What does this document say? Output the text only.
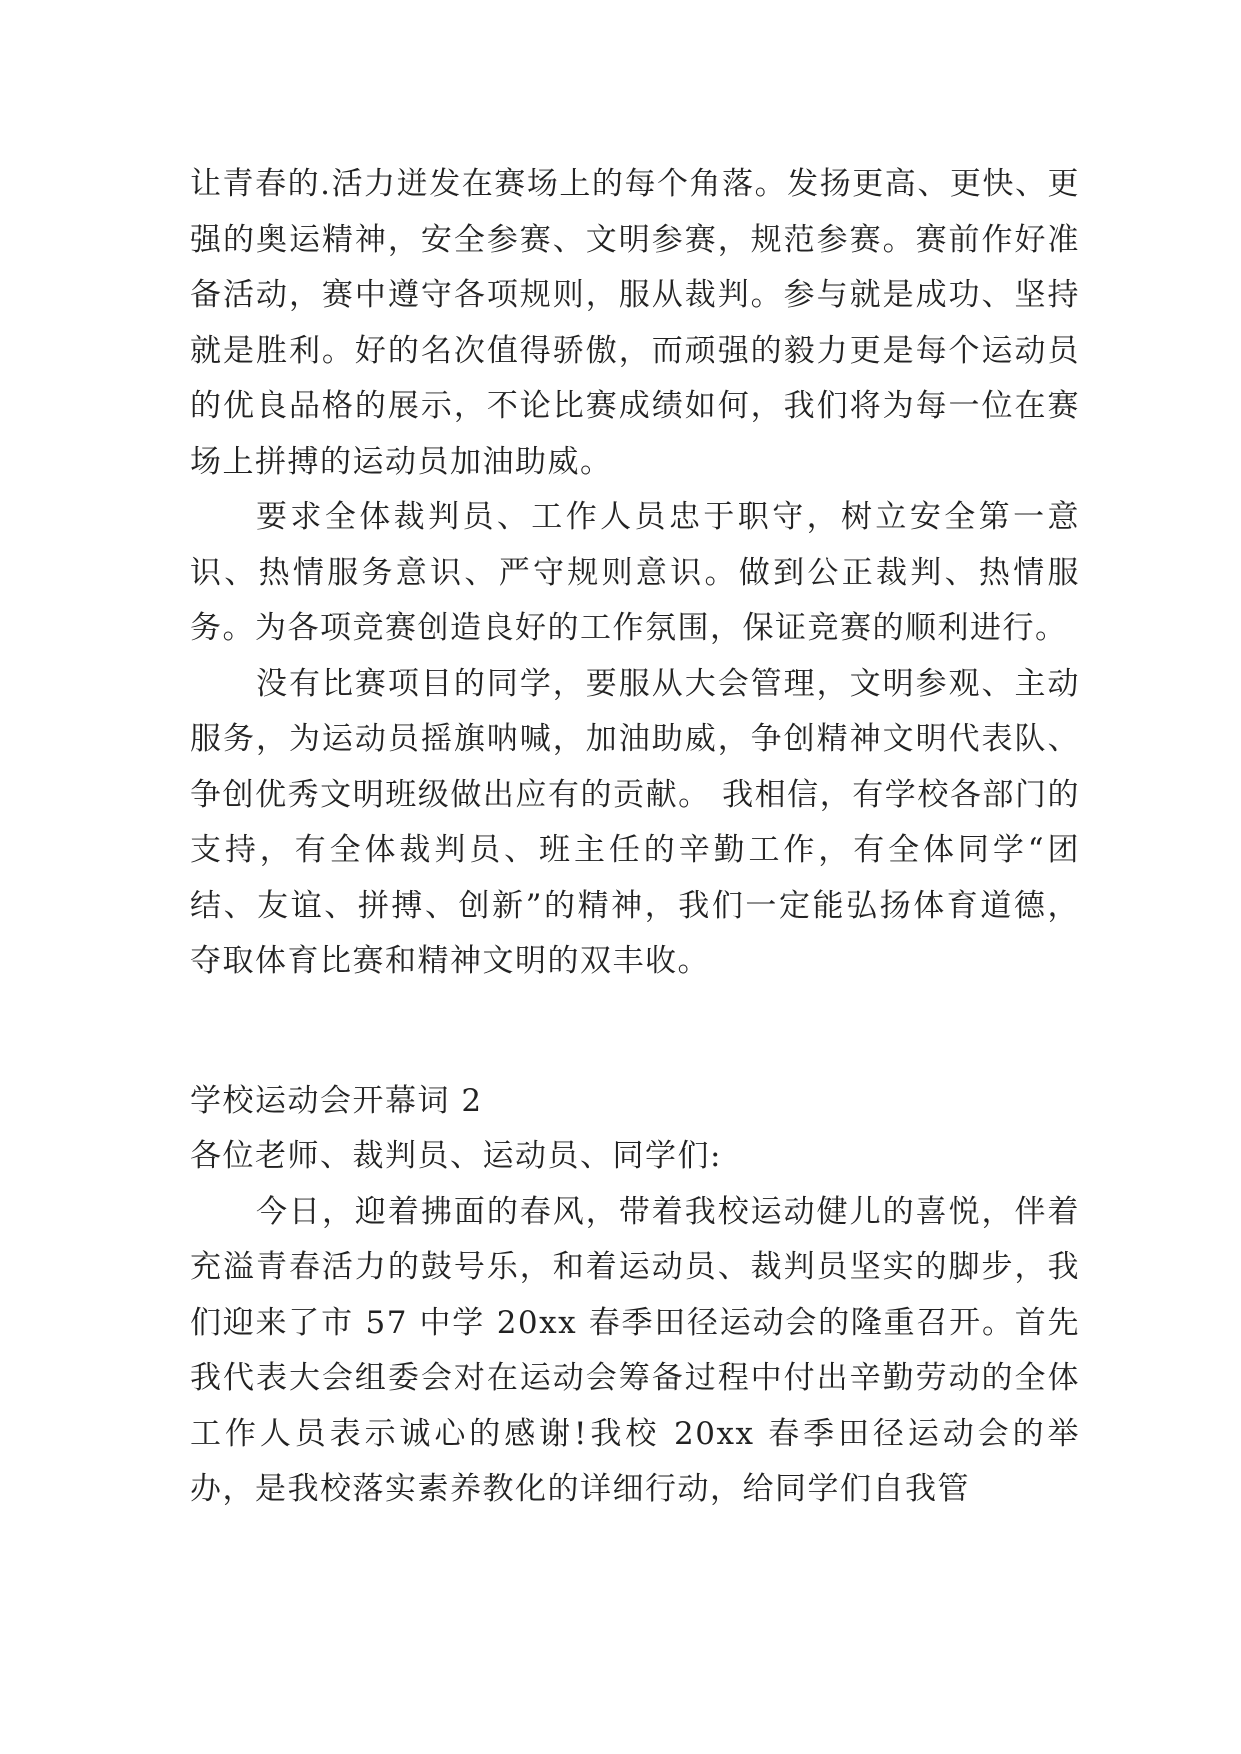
让青春的.活力迸发在赛场上的每个角落。发扬更高、更快、更强的奥运精神，安全参赛、文明参赛，规范参赛。赛前作好准备活动，赛中遵守各项规则，服从裁判。参与就是成功、坚持就是胜利。好的名次值得骄傲，而顽强的毅力更是每个运动员的优良品格的展示，不论比赛成绩如何，我们将为每一位在赛场上拼搏的运动员加油助威。

要求全体裁判员、工作人员忠于职守，树立安全第一意识、热情服务意识、严守规则意识。做到公正裁判、热情服务。为各项竞赛创造良好的工作氛围，保证竞赛的顺利进行。

没有比赛项目的同学，要服从大会管理，文明参观、主动服务，为运动员摇旗呐喊，加油助威，争创精神文明代表队、争创优秀文明班级做出应有的贡献。 我相信，有学校各部门的支持，有全体裁判员、班主任的辛勤工作，有全体同学“团结、友谊、拼搏、创新”的精神，我们一定能弘扬体育道德，夺取体育比赛和精神文明的双丰收。

学校运动会开幕词 2

各位老师、裁判员、运动员、同学们:

今日，迎着拂面的春风，带着我校运动健儿的喜悦，伴着充溢青春活力的鼓号乐，和着运动员、裁判员坚实的脚步，我们迎来了市 57 中学 20xx 春季田径运动会的隆重召开。首先我代表大会组委会对在运动会筹备过程中付出辛勤劳动的全体工作人员表示诚心的感谢!我校 20xx 春季田径运动会的举办，是我校落实素养教化的详细行动，给同学们自我管
